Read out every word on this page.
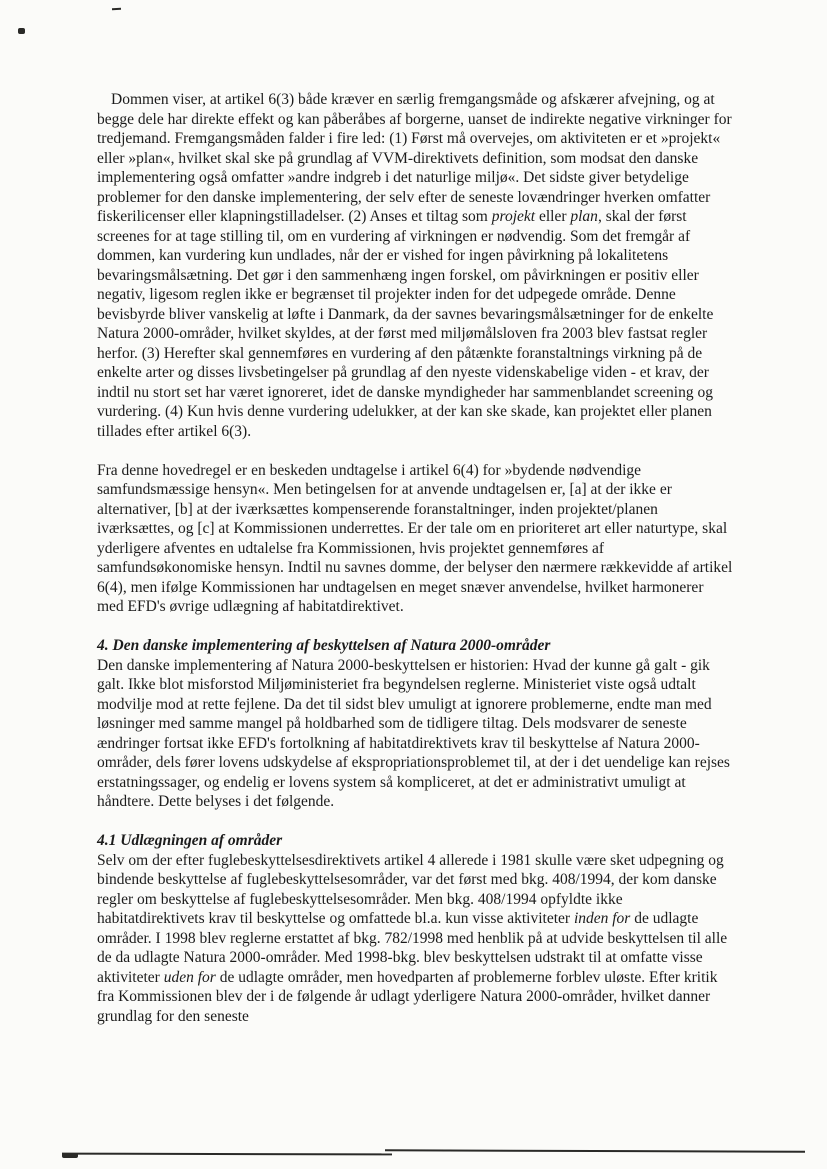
Dommen viser, at artikel 6(3) både kræver en særlig fremgangsmåde og afskærer afvejning, og at begge dele har direkte effekt og kan påberåbes af borgerne, uanset de indirekte negative virkninger for tredjemand. Fremgangsmåden falder i fire led: (1) Først må overvejes, om aktiviteten er et »projekt« eller »plan«, hvilket skal ske på grundlag af VVM-direktivets definition, som modsat den danske implementering også omfatter »andre indgreb i det naturlige miljø«. Det sidste giver betydelige problemer for den danske implementering, der selv efter de seneste lovændringer hverken omfatter fiskerilicenser eller klapningstilladelser. (2) Anses et tiltag som projekt eller plan, skal der først screenes for at tage stilling til, om en vurdering af virkningen er nødvendig. Som det fremgår af dommen, kan vurdering kun undlades, når der er vished for ingen påvirkning på lokalitetens bevaringsmålsætning. Det gør i den sammenhæng ingen forskel, om påvirkningen er positiv eller negativ, ligesom reglen ikke er begrænset til projekter inden for det udpegede område. Denne bevisbyrde bliver vanskelig at løfte i Danmark, da der savnes bevaringsmålsætninger for de enkelte Natura 2000-områder, hvilket skyldes, at der først med miljømålsloven fra 2003 blev fastsat regler herfor. (3) Herefter skal gennemføres en vurdering af den påtænkte foranstaltnings virkning på de enkelte arter og disses livsbetingelser på grundlag af den nyeste videnskabelige viden - et krav, der indtil nu stort set har været ignoreret, idet de danske myndigheder har sammenblandet screening og vurdering. (4) Kun hvis denne vurdering udelukker, at der kan ske skade, kan projektet eller planen tillades efter artikel 6(3).

Fra denne hovedregel er en beskeden undtagelse i artikel 6(4) for »bydende nødvendige samfundsmæssige hensyn«. Men betingelsen for at anvende undtagelsen er, [a] at der ikke er alternativer, [b] at der iværksættes kompenserende foranstaltninger, inden projektet/planen iværksættes, og [c] at Kommissionen underrettes. Er der tale om en prioriteret art eller naturtype, skal yderligere afventes en udtalelse fra Kommissionen, hvis projektet gennemføres af samfundsøkonomiske hensyn. Indtil nu savnes domme, der belyser den nærmere rækkevidde af artikel 6(4), men ifølge Kommissionen har undtagelsen en meget snæver anvendelse, hvilket harmonerer med EFD's øvrige udlægning af habitatdirektivet.

4. Den danske implementering af beskyttelsen af Natura 2000-områder

Den danske implementering af Natura 2000-beskyttelsen er historien: Hvad der kunne gå galt - gik galt. Ikke blot misforstod Miljøministeriet fra begyndelsen reglerne. Ministeriet viste også udtalt modvilje mod at rette fejlene. Da det til sidst blev umuligt at ignorere problemerne, endte man med løsninger med samme mangel på holdbarhed som de tidligere tiltag. Dels modsvarer de seneste ændringer fortsat ikke EFD's fortolkning af habitatdirektivets krav til beskyttelse af Natura 2000-områder, dels fører lovens udskydelse af ekspropriationsproblemet til, at der i det uendelige kan rejses erstatningssager, og endelig er lovens system så kompliceret, at det er administrativt umuligt at håndtere. Dette belyses i det følgende.

4.1 Udlægningen af områder

Selv om der efter fuglebeskyttelsesdirektivets artikel 4 allerede i 1981 skulle være sket udpegning og bindende beskyttelse af fuglebeskyttelsesområder, var det først med bkg. 408/1994, der kom danske regler om beskyttelse af fuglebeskyttelsesområder. Men bkg. 408/1994 opfyldte ikke habitatdirektivets krav til beskyttelse og omfattede bl.a. kun visse aktiviteter inden for de udlagte områder. I 1998 blev reglerne erstattet af bkg. 782/1998 med henblik på at udvide beskyttelsen til alle de da udlagte Natura 2000-områder. Med 1998-bkg. blev beskyttelsen udstrakt til at omfatte visse aktiviteter uden for de udlagte områder, men hovedparten af problemerne forblev uløste. Efter kritik fra Kommissionen blev der i de følgende år udlagt yderligere Natura 2000-områder, hvilket danner grundlag for den seneste
